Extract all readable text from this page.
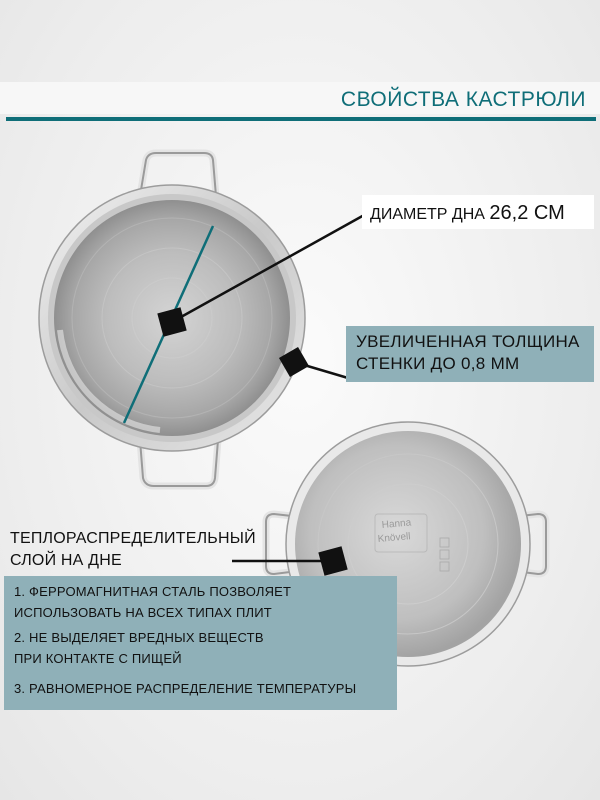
СВОЙСТВА КАСТРЮЛИ
Hanna
Knövell
ДИАМЕТР ДНА 26,2 СМ
УВЕЛИЧЕННАЯ ТОЛЩИНА
СТЕНКИ ДО 0,8 ММ
ТЕПЛОРАСПРЕДЕЛИТЕЛЬНЫЙ
СЛОЙ НА ДНЕ
1. ФЕРРОМАГНИТНАЯ СТАЛЬ ПОЗВОЛЯЕТ
ИСПОЛЬЗОВАТЬ НА ВСЕХ ТИПАХ ПЛИТ
2. НЕ ВЫДЕЛЯЕТ ВРЕДНЫХ ВЕЩЕСТВ
ПРИ КОНТАКТЕ С ПИЩЕЙ
3. РАВНОМЕРНОЕ РАСПРЕДЕЛЕНИЕ ТЕМПЕРАТУРЫ
